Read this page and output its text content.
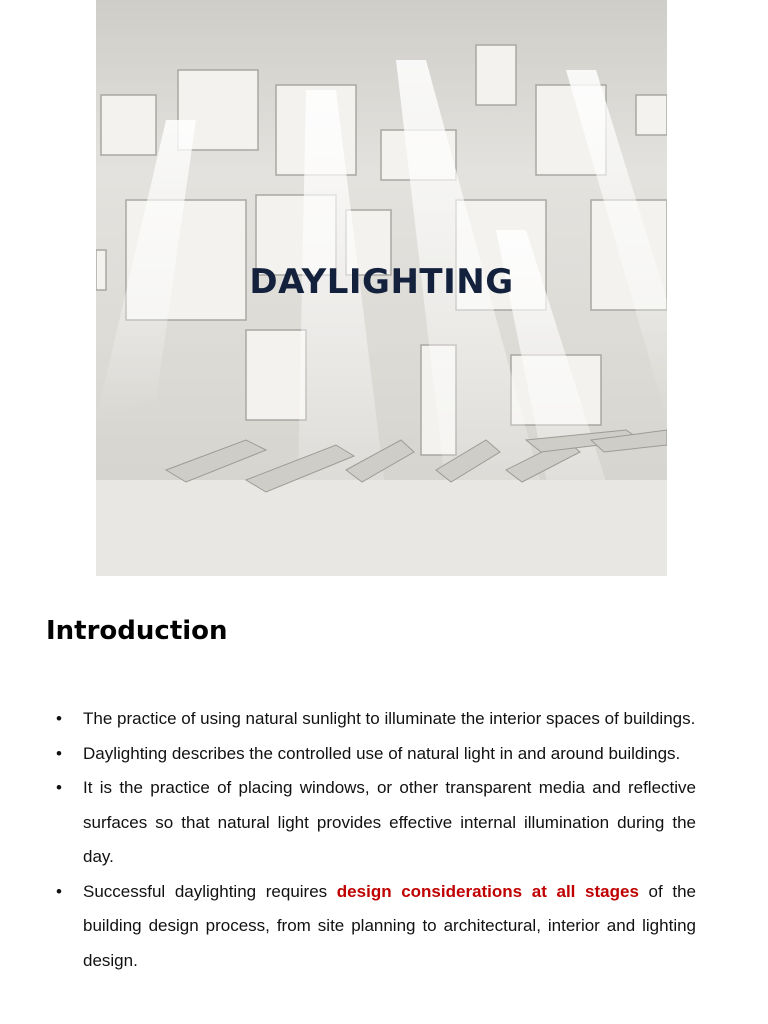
DAYLIGHTING
Introduction
• The practice of using natural sunlight to illuminate the interior spaces of buildings.
• Daylighting describes the controlled use of natural light in and around buildings.
• It is the practice of placing windows, or other transparent media and reflective surfaces so that natural light provides effective internal illumination during the day.
• Successful daylighting requires design considerations at all stages of the building design process, from site planning to architectural, interior and lighting design.
